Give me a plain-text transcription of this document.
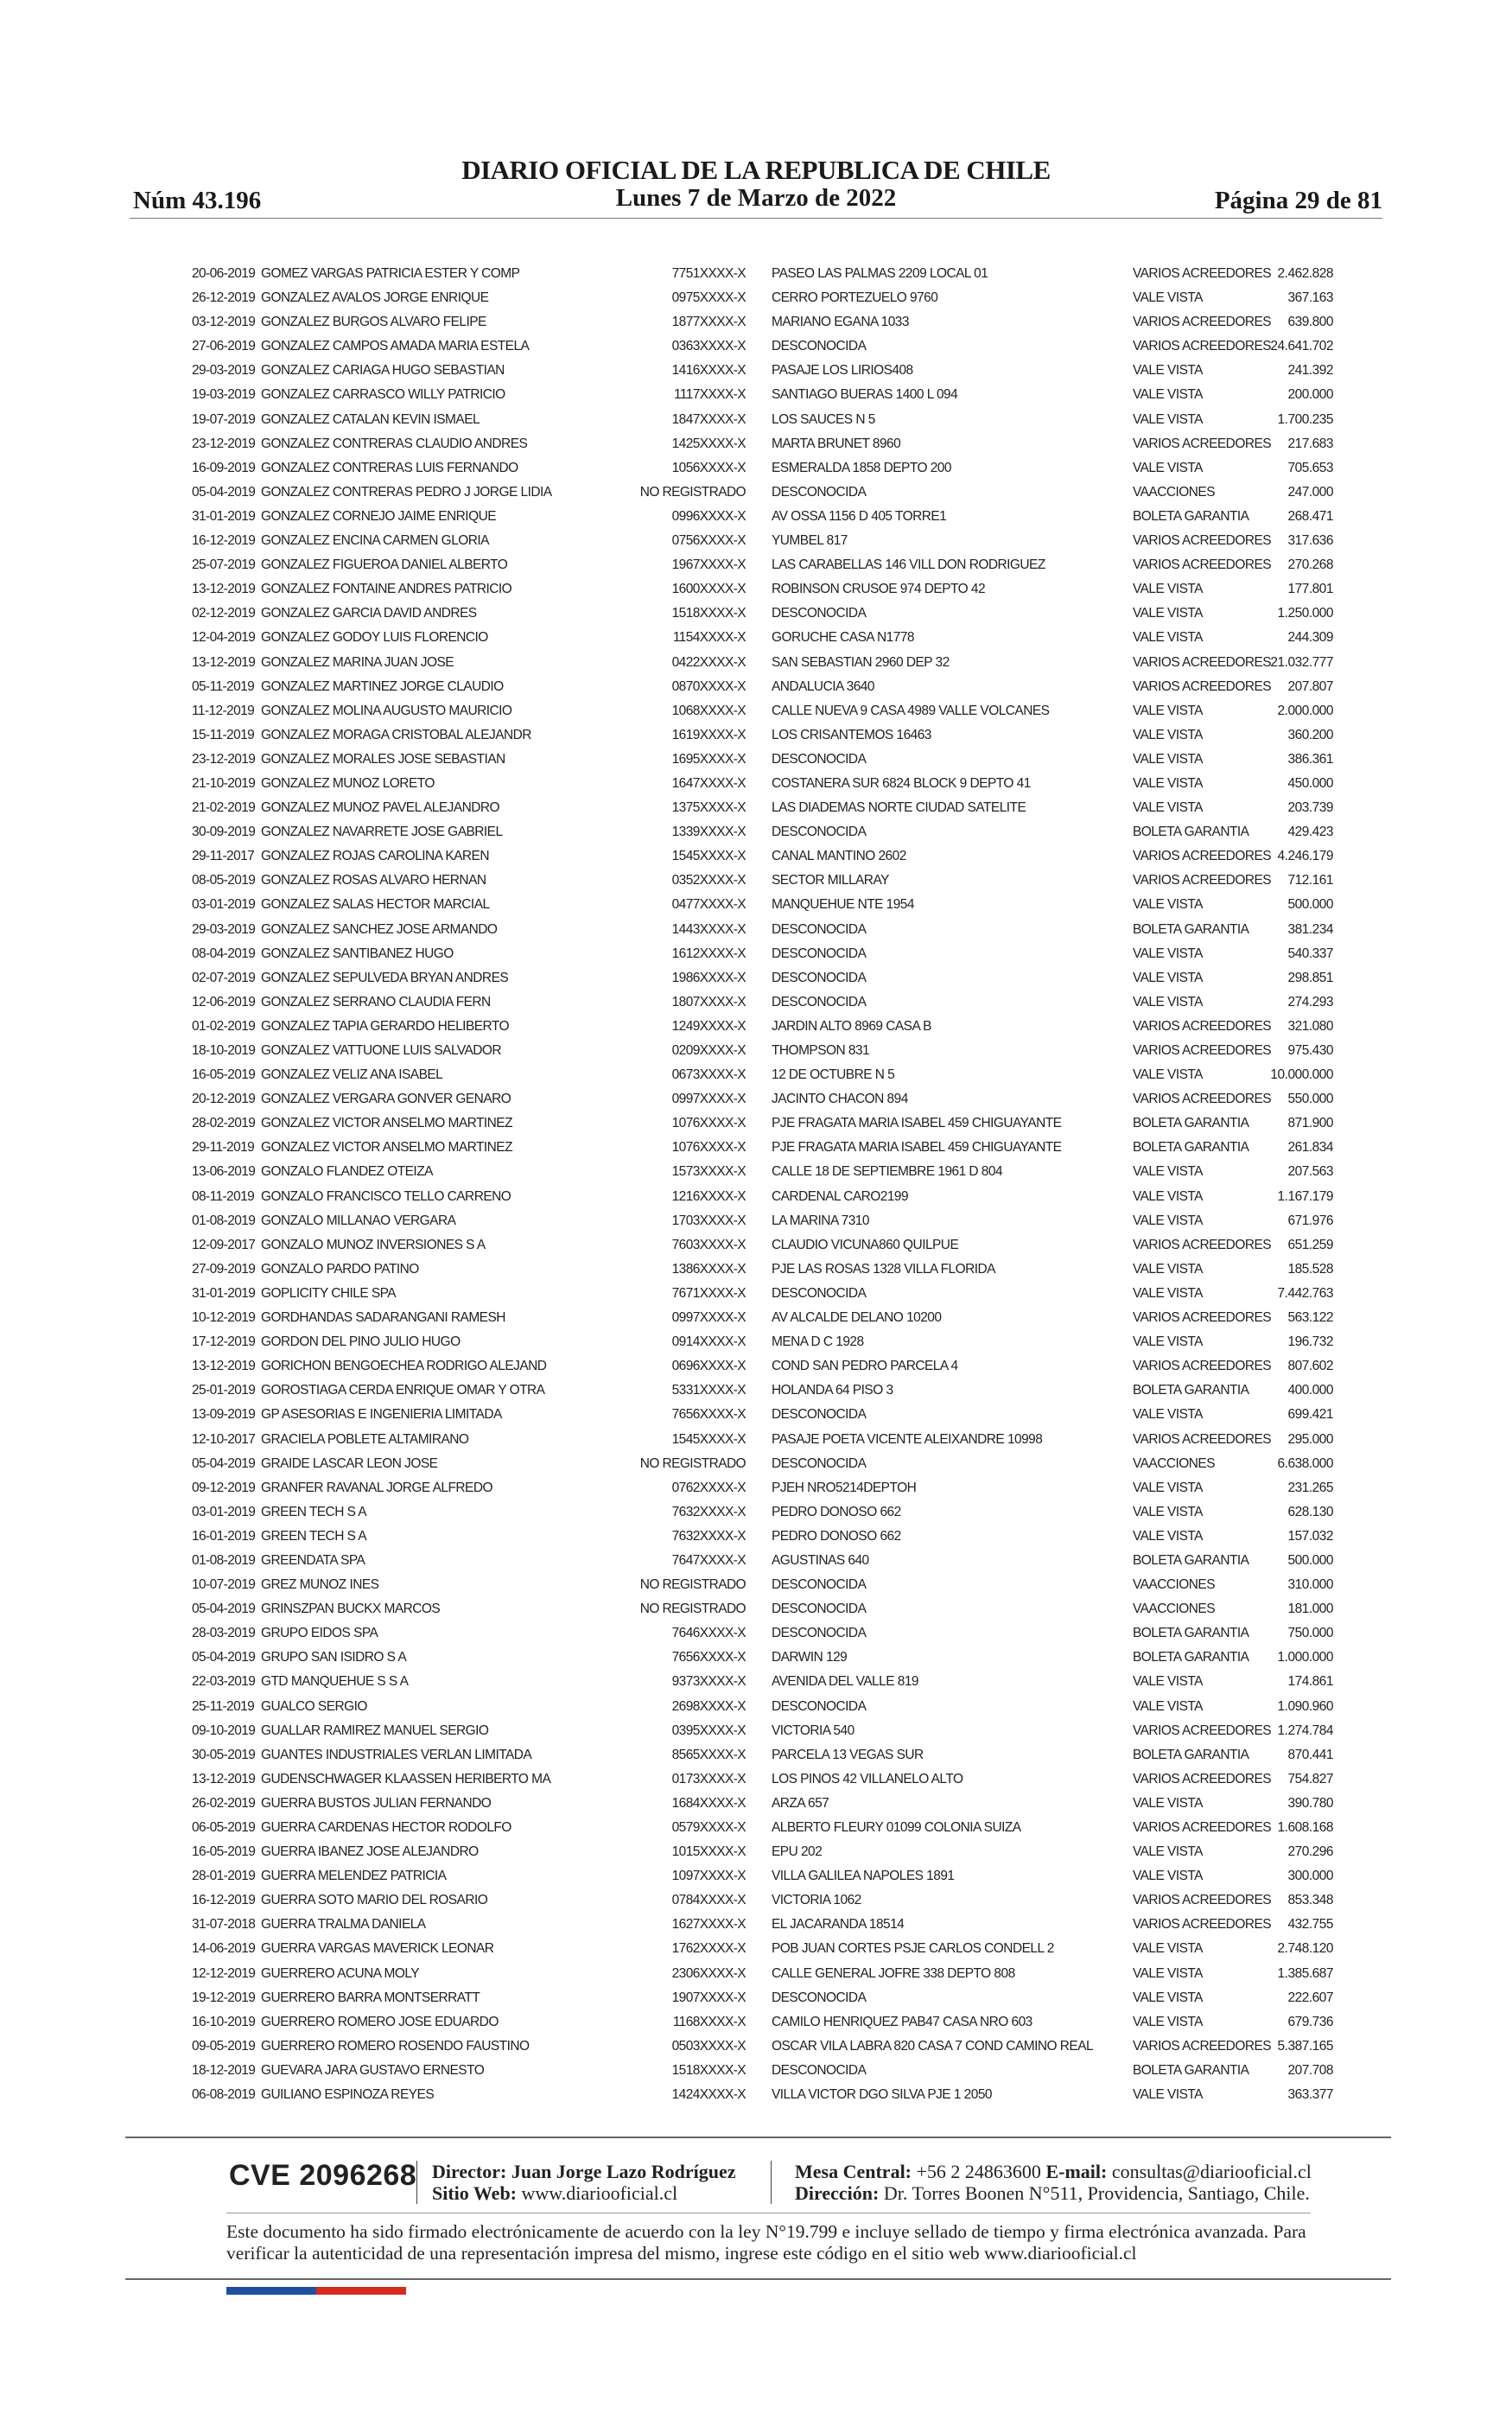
Núm 43.196
DIARIO OFICIAL DE LA REPUBLICA DE CHILE
Lunes 7 de Marzo de 2022	Página 29 de 81
20-06-2019 GOMEZ VARGAS PATRICIA ESTER Y COMP	7751XXXX-X PASEO LAS PALMAS 2209 LOCAL 01	VARIOS ACREEDORES 2.462.828
26-12-2019 GONZALEZ AVALOS JORGE ENRIQUE	0975XXXX-X CERRO PORTEZUELO 9760	VALE VISTA	367.163
03-12-2019 GONZALEZ BURGOS ALVARO FELIPE	1877XXXX-X MARIANO EGANA 1033	VARIOS ACREEDORES 639.800
27-06-2019 GONZALEZ CAMPOS AMADA MARIA ESTELA	0363XXXX-X DESCONOCIDA	VARIOS ACREEDORES 24.641.702
29-03-2019 GONZALEZ CARIAGA HUGO SEBASTIAN	1416XXXX-X PASAJE LOS LIRIOS408	VALE VISTA	241.392
19-03-2019 GONZALEZ CARRASCO WILLY PATRICIO	1117XXXX-X SANTIAGO BUERAS 1400 L 094	VALE VISTA	200.000
19-07-2019 GONZALEZ CATALAN KEVIN ISMAEL	1847XXXX-X LOS SAUCES N 5	VALE VISTA	1.700.235
23-12-2019 GONZALEZ CONTRERAS CLAUDIO ANDRES	1425XXXX-X MARTA BRUNET 8960	VARIOS ACREEDORES 217.683
16-09-2019 GONZALEZ CONTRERAS LUIS FERNANDO	1056XXXX-X ESMERALDA 1858 DEPTO 200	VALE VISTA	705.653
05-04-2019 GONZALEZ CONTRERAS PEDRO J JORGE LIDIA	NO REGISTRADO DESCONOCIDA	VAACCIONES	247.000
31-01-2019 GONZALEZ CORNEJO JAIME ENRIQUE	0996XXXX-X AV OSSA 1156 D 405 TORRE1	BOLETA GARANTIA	268.471
16-12-2019 GONZALEZ ENCINA CARMEN GLORIA	0756XXXX-X YUMBEL 817	VARIOS ACREEDORES 317.636
25-07-2019 GONZALEZ FIGUEROA DANIEL ALBERTO	1967XXXX-X LAS CARABELLAS 146 VILL DON RODRIGUEZ	VARIOS ACREEDORES 270.268
13-12-2019 GONZALEZ FONTAINE ANDRES PATRICIO	1600XXXX-X ROBINSON CRUSOE 974 DEPTO 42	VALE VISTA	177.801
02-12-2019 GONZALEZ GARCIA DAVID ANDRES	1518XXXX-X DESCONOCIDA	VALE VISTA	1.250.000
12-04-2019 GONZALEZ GODOY LUIS FLORENCIO	1154XXXX-X GORUCHE CASA N1778	VALE VISTA	244.309
13-12-2019 GONZALEZ MARINA JUAN JOSE	0422XXXX-X SAN SEBASTIAN 2960 DEP 32	VARIOS ACREEDORES 21.032.777
05-11-2019 GONZALEZ MARTINEZ JORGE CLAUDIO	0870XXXX-X ANDALUCIA 3640	VARIOS ACREEDORES 207.807
11-12-2019 GONZALEZ MOLINA AUGUSTO MAURICIO	1068XXXX-X CALLE NUEVA 9 CASA 4989 VALLE VOLCANES	VALE VISTA	2.000.000
15-11-2019 GONZALEZ MORAGA CRISTOBAL ALEJANDR	1619XXXX-X LOS CRISANTEMOS 16463	VALE VISTA	360.200
23-12-2019 GONZALEZ MORALES JOSE SEBASTIAN	1695XXXX-X DESCONOCIDA	VALE VISTA	386.361
21-10-2019 GONZALEZ MUNOZ LORETO	1647XXXX-X COSTANERA SUR 6824 BLOCK 9 DEPTO 41	VALE VISTA	450.000
21-02-2019 GONZALEZ MUNOZ PAVEL ALEJANDRO	1375XXXX-X LAS DIADEMAS NORTE CIUDAD SATELITE	VALE VISTA	203.739
30-09-2019 GONZALEZ NAVARRETE JOSE GABRIEL	1339XXXX-X DESCONOCIDA	BOLETA GARANTIA	429.423
29-11-2017 GONZALEZ ROJAS CAROLINA KAREN	1545XXXX-X CANAL MANTINO 2602	VARIOS ACREEDORES 4.246.179
08-05-2019 GONZALEZ ROSAS ALVARO HERNAN	0352XXXX-X SECTOR MILLARAY	VARIOS ACREEDORES 712.161
03-01-2019 GONZALEZ SALAS HECTOR MARCIAL	0477XXXX-X MANQUEHUE NTE 1954	VALE VISTA	500.000
29-03-2019 GONZALEZ SANCHEZ JOSE ARMANDO	1443XXXX-X DESCONOCIDA	BOLETA GARANTIA	381.234
08-04-2019 GONZALEZ SANTIBANEZ HUGO	1612XXXX-X DESCONOCIDA	VALE VISTA	540.337
02-07-2019 GONZALEZ SEPULVEDA BRYAN ANDRES	1986XXXX-X DESCONOCIDA	VALE VISTA	298.851
12-06-2019 GONZALEZ SERRANO CLAUDIA FERN	1807XXXX-X DESCONOCIDA	VALE VISTA	274.293
01-02-2019 GONZALEZ TAPIA GERARDO HELIBERTO	1249XXXX-X JARDIN ALTO 8969 CASA B	VARIOS ACREEDORES 321.080
18-10-2019 GONZALEZ VATTUONE LUIS SALVADOR	0209XXXX-X THOMPSON 831	VARIOS ACREEDORES 975.430
16-05-2019 GONZALEZ VELIZ ANA ISABEL	0673XXXX-X 12 DE OCTUBRE N 5	VALE VISTA	10.000.000
20-12-2019 GONZALEZ VERGARA GONVER GENARO	0997XXXX-X JACINTO CHACON 894	VARIOS ACREEDORES 550.000
28-02-2019 GONZALEZ VICTOR ANSELMO MARTINEZ	1076XXXX-X PJE FRAGATA MARIA ISABEL 459 CHIGUAYANTE	BOLETA GARANTIA	871.900
29-11-2019 GONZALEZ VICTOR ANSELMO MARTINEZ	1076XXXX-X PJE FRAGATA MARIA ISABEL 459 CHIGUAYANTE	BOLETA GARANTIA	261.834
13-06-2019 GONZALO FLANDEZ OTEIZA	1573XXXX-X CALLE 18 DE SEPTIEMBRE 1961 D 804	VALE VISTA	207.563
08-11-2019 GONZALO FRANCISCO TELLO CARRENO	1216XXXX-X CARDENAL CARO2199	VALE VISTA	1.167.179
01-08-2019 GONZALO MILLANAO VERGARA	1703XXXX-X LA MARINA 7310	VALE VISTA	671.976
12-09-2017 GONZALO MUNOZ INVERSIONES S A	7603XXXX-X CLAUDIO VICUNA860 QUILPUE	VARIOS ACREEDORES 651.259
27-09-2019 GONZALO PARDO PATINO	1386XXXX-X PJE LAS ROSAS 1328 VILLA FLORIDA	VALE VISTA	185.528
31-01-2019 GOPLICITY CHILE SPA	7671XXXX-X DESCONOCIDA	VALE VISTA	7.442.763
10-12-2019 GORDHANDAS SADARANGANI RAMESH	0997XXXX-X AV ALCALDE DELANO 10200	VARIOS ACREEDORES 563.122
17-12-2019 GORDON DEL PINO JULIO HUGO	0914XXXX-X MENA D C 1928	VALE VISTA	196.732
13-12-2019 GORICHON BENGOECHEA RODRIGO ALEJAND	0696XXXX-X COND SAN PEDRO PARCELA 4	VARIOS ACREEDORES 807.602
25-01-2019 GOROSTIAGA CERDA ENRIQUE OMAR Y OTRA	5331XXXX-X HOLANDA 64 PISO 3	BOLETA GARANTIA	400.000
13-09-2019 GP ASESORIAS E INGENIERIA LIMITADA	7656XXXX-X DESCONOCIDA	VALE VISTA	699.421
12-10-2017 GRACIELA POBLETE ALTAMIRANO	1545XXXX-X PASAJE POETA VICENTE ALEIXANDRE 10998	VARIOS ACREEDORES 295.000
05-04-2019 GRAIDE LASCAR LEON JOSE	NO REGISTRADO DESCONOCIDA	VAACCIONES	6.638.000
09-12-2019 GRANFER RAVANAL JORGE ALFREDO	0762XXXX-X PJEH NRO5214DEPTOH	VALE VISTA	231.265
03-01-2019 GREEN TECH S A	7632XXXX-X PEDRO DONOSO 662	VALE VISTA	628.130
16-01-2019 GREEN TECH S A	7632XXXX-X PEDRO DONOSO 662	VALE VISTA	157.032
01-08-2019 GREENDATA SPA	7647XXXX-X AGUSTINAS 640	BOLETA GARANTIA	500.000
10-07-2019 GREZ MUNOZ INES	NO REGISTRADO DESCONOCIDA	VAACCIONES	310.000
05-04-2019 GRINSZPAN BUCKX MARCOS	NO REGISTRADO DESCONOCIDA	VAACCIONES	181.000
28-03-2019 GRUPO EIDOS SPA	7646XXXX-X DESCONOCIDA	BOLETA GARANTIA	750.000
05-04-2019 GRUPO SAN ISIDRO S A	7656XXXX-X DARWIN 129	BOLETA GARANTIA 1.000.000
22-03-2019 GTD MANQUEHUE S S A	9373XXXX-X AVENIDA DEL VALLE 819	VALE VISTA	174.861
25-11-2019 GUALCO SERGIO	2698XXXX-X DESCONOCIDA	VALE VISTA	1.090.960
09-10-2019 GUALLAR RAMIREZ MANUEL SERGIO	0395XXXX-X VICTORIA 540	VARIOS ACREEDORES 1.274.784
30-05-2019 GUANTES INDUSTRIALES VERLAN LIMITADA	8565XXXX-X PARCELA 13 VEGAS SUR	BOLETA GARANTIA	870.441
13-12-2019 GUDENSCHWAGER KLAASSEN HERIBERTO MA	0173XXXX-X LOS PINOS 42 VILLANELO ALTO	VARIOS ACREEDORES 754.827
26-02-2019 GUERRA BUSTOS JULIAN FERNANDO	1684XXXX-X ARZA 657	VALE VISTA	390.780
06-05-2019 GUERRA CARDENAS HECTOR RODOLFO	0579XXXX-X ALBERTO FLEURY 01099 COLONIA SUIZA	VARIOS ACREEDORES 1.608.168
16-05-2019 GUERRA IBANEZ JOSE ALEJANDRO	1015XXXX-X EPU 202	VALE VISTA	270.296
28-01-2019 GUERRA MELENDEZ PATRICIA	1097XXXX-X VILLA GALILEA NAPOLES 1891	VALE VISTA	300.000
16-12-2019 GUERRA SOTO MARIO DEL ROSARIO	0784XXXX-X VICTORIA 1062	VARIOS ACREEDORES 853.348
31-07-2018 GUERRA TRALMA DANIELA	1627XXXX-X EL JACARANDA 18514	VARIOS ACREEDORES 432.755
14-06-2019 GUERRA VARGAS MAVERICK LEONAR	1762XXXX-X POB JUAN CORTES PSJE CARLOS CONDELL 2	VALE VISTA	2.748.120
12-12-2019 GUERRERO ACUNA MOLY	2306XXXX-X CALLE GENERAL JOFRE 338 DEPTO 808	VALE VISTA	1.385.687
19-12-2019 GUERRERO BARRA MONTSERRATT	1907XXXX-X DESCONOCIDA	VALE VISTA	222.607
16-10-2019 GUERRERO ROMERO JOSE EDUARDO	1168XXXX-X CAMILO HENRIQUEZ PAB47 CASA NRO 603	VALE VISTA	679.736
09-05-2019 GUERRERO ROMERO ROSENDO FAUSTINO	0503XXXX-X OSCAR VILA LABRA 820 CASA 7 COND CAMINO REAL	VARIOS ACREEDORES 5.387.165
18-12-2019 GUEVARA JARA GUSTAVO ERNESTO	1518XXXX-X DESCONOCIDA	BOLETA GARANTIA	207.708
06-08-2019 GUILIANO ESPINOZA REYES	1424XXXX-X VILLA VICTOR DGO SILVA PJE 1 2050	VALE VISTA	363.377
CVE 2096268 Director: Juan Jorge Lazo Rodríguez
Sitio Web: www.diariooficial.cl
Mesa Central: +56 2 24863600 E-mail: consultas@diariooficial.cl
Dirección: Dr. Torres Boonen N°511, Providencia, Santiago, Chile.
Este documento ha sido firmado electrónicamente de acuerdo con la ley N°19.799 e incluye sellado de tiempo y firma electrónica avanzada. Para verificar la autenticidad de una representación impresa del mismo, ingrese este código en el sitio web www.diariooficial.cl
